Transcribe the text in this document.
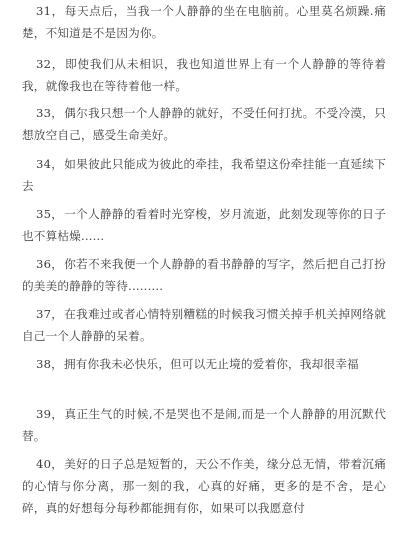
31，每天点后，当我一个人静静的坐在电脑前。心里莫名烦躁.痛楚，不知道是不是因为你。

32，即使我们从未相识，我也知道世界上有一个人静静的等待着我，就像我也在等待着他一样。

33，偶尔我只想一个人静静的就好，不受任何打扰。不受冷漠，只想放空自己，感受生命美好。

34，如果彼此只能成为彼此的牵挂，我希望这份牵挂能一直延续下去

35，一个人静静的看着时光穿梭，岁月流逝，此刻发现等你的日子也不算枯燥......

36，你若不来我便一个人静静的看书静静的写字，然后把自己打扮的美美的静静的等待.........

37，在我难过或者心情特别糟糕的时候我习惯关掉手机关掉网络就自己一个人静静的呆着。

38，拥有你我未必快乐，但可以无止境的爱着你，我却很幸福

39，真正生气的时候,不是哭也不是闹,而是一个人静静的用沉默代替。

40，美好的日子总是短暂的，天公不作美，缘分总无情，带着沉痛的心情与你分离，那一刻的我，心真的好痛，更多的是不舍，是心碎，真的好想每分每秒都能拥有你，如果可以我愿意付
